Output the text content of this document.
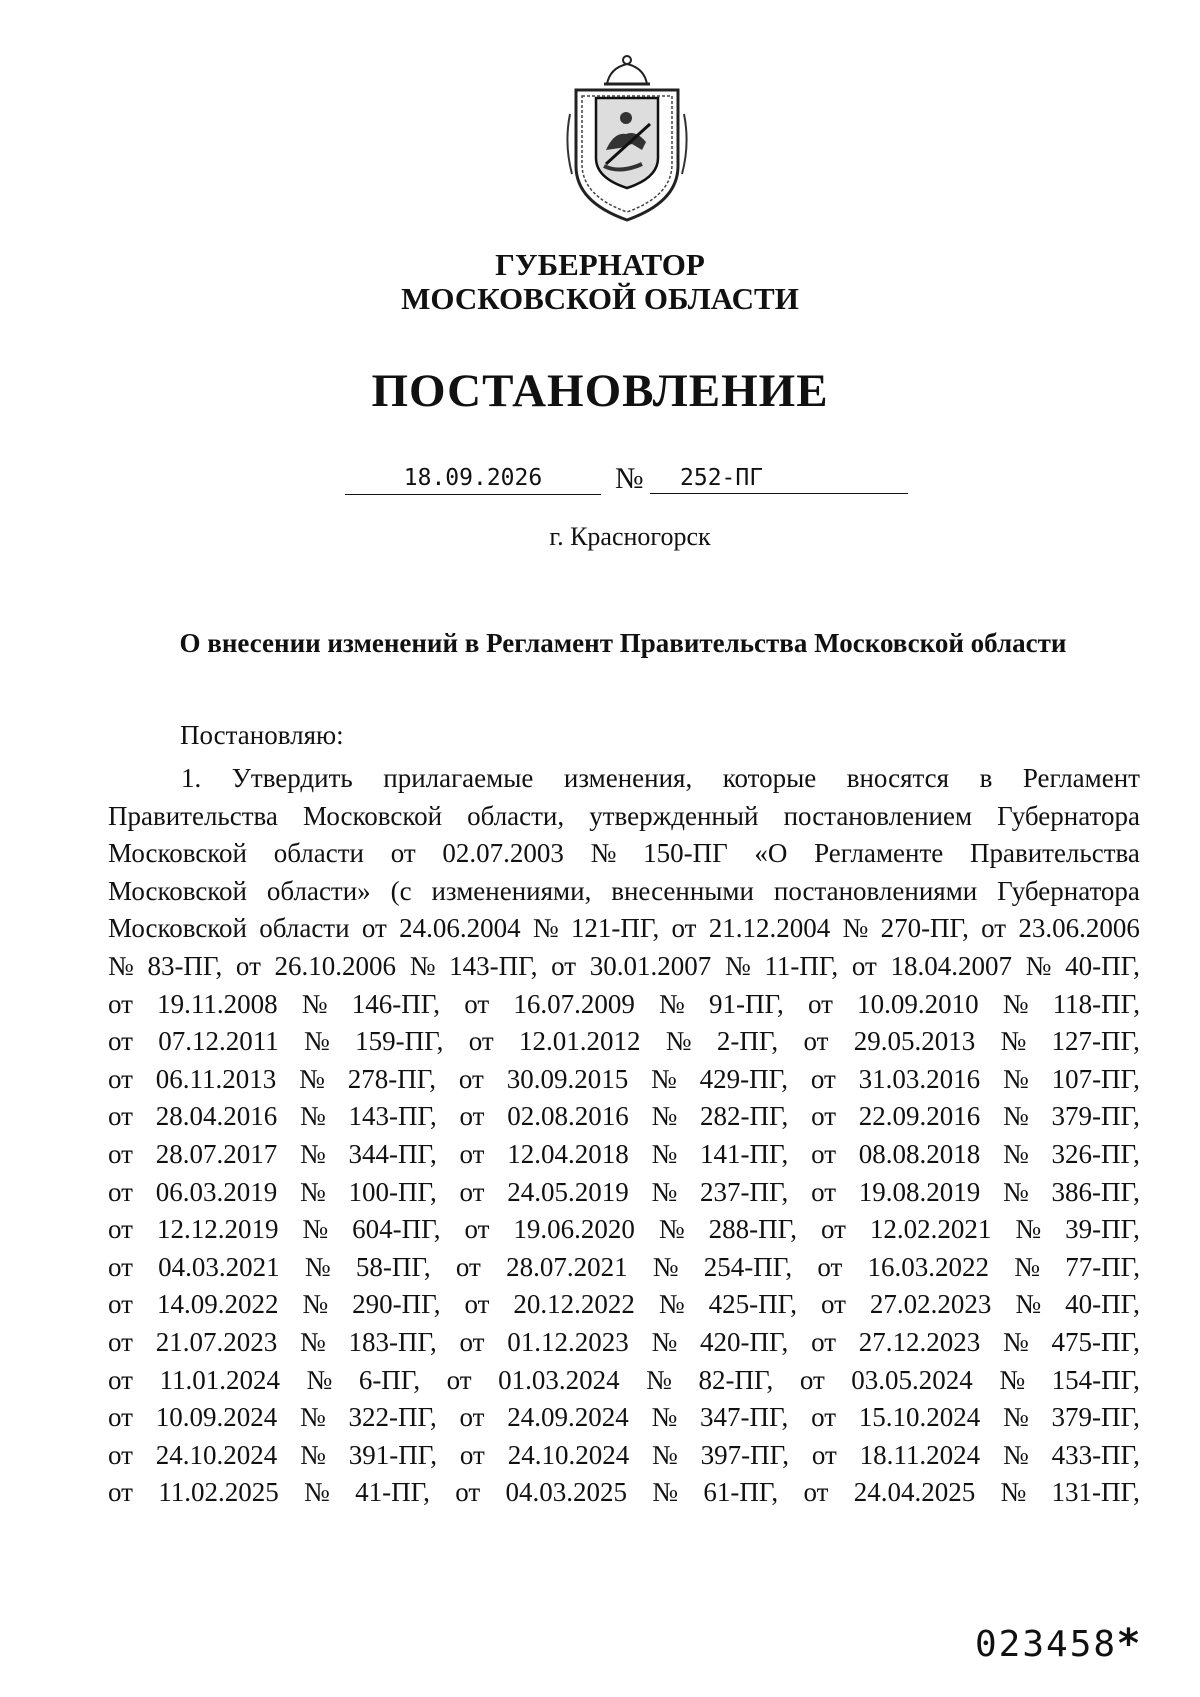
ГУБЕРНАТОР
МОСКОВСКОЙ ОБЛАСТИ
ПОСТАНОВЛЕНИЕ
18.09.2026	№	252-ПГ
г. Красногорск
О внесении изменений в Регламент Правительства Московской области
Постановляю:
1. Утвердить прилагаемые изменения, которые вносятся в Регламент
Правительства Московской области, утвержденный постановлением Губернатора
Московской области от 02.07.2003 № 150-ПГ «О Регламенте Правительства
Московской области» (с изменениями, внесенными постановлениями Губернатора
Московской области от 24.06.2004 № 121-ПГ, от 21.12.2004 № 270-ПГ, от 23.06.2006
№ 83-ПГ, от 26.10.2006 № 143-ПГ, от 30.01.2007 № 11-ПГ, от 18.04.2007 № 40-ПГ,
от 19.11.2008 № 146-ПГ, от 16.07.2009 № 91-ПГ, от 10.09.2010 № 118-ПГ,
от 07.12.2011 № 159-ПГ, от 12.01.2012 № 2-ПГ, от 29.05.2013 № 127-ПГ,
от 06.11.2013 № 278-ПГ, от 30.09.2015 № 429-ПГ, от 31.03.2016 № 107-ПГ,
от 28.04.2016 № 143-ПГ, от 02.08.2016 № 282-ПГ, от 22.09.2016 № 379-ПГ,
от 28.07.2017 № 344-ПГ, от 12.04.2018 № 141-ПГ, от 08.08.2018 № 326-ПГ,
от 06.03.2019 № 100-ПГ, от 24.05.2019 № 237-ПГ, от 19.08.2019 № 386-ПГ,
от 12.12.2019 № 604-ПГ, от 19.06.2020 № 288-ПГ, от 12.02.2021 № 39-ПГ,
от 04.03.2021 № 58-ПГ, от 28.07.2021 № 254-ПГ, от 16.03.2022 № 77-ПГ,
от 14.09.2022 № 290-ПГ, от 20.12.2022 № 425-ПГ, от 27.02.2023 № 40-ПГ,
от 21.07.2023 № 183-ПГ, от 01.12.2023 № 420-ПГ, от 27.12.2023 № 475-ПГ,
от 11.01.2024 № 6-ПГ, от 01.03.2024 № 82-ПГ, от 03.05.2024 № 154-ПГ,
от 10.09.2024 № 322-ПГ, от 24.09.2024 № 347-ПГ, от 15.10.2024 № 379-ПГ,
от 24.10.2024 № 391-ПГ, от 24.10.2024 № 397-ПГ, от 18.11.2024 № 433-ПГ,
от 11.02.2025 № 41-ПГ, от 04.03.2025 № 61-ПГ, от 24.04.2025 № 131-ПГ,
023458 *
